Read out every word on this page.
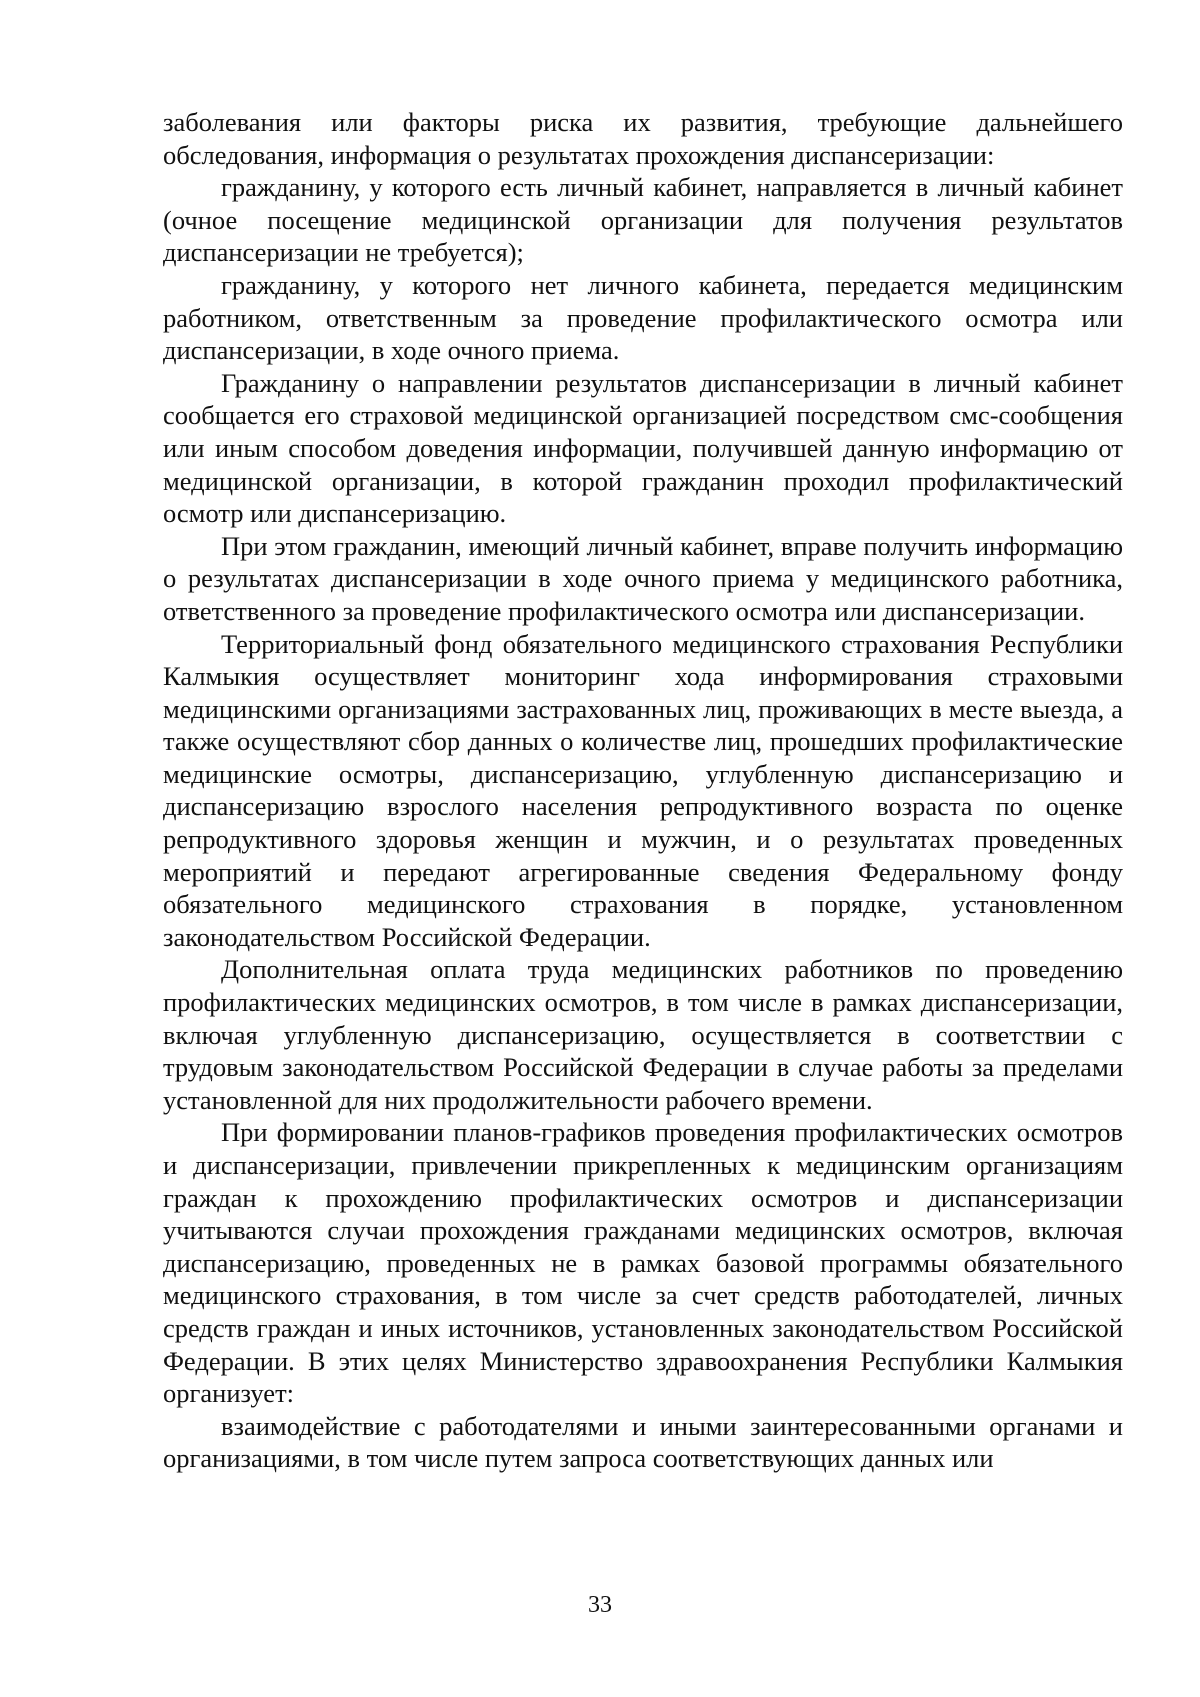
заболевания или факторы риска их развития, требующие дальнейшего обследования, информация о результатах прохождения диспансеризации:

гражданину, у которого есть личный кабинет, направляется в личный кабинет (очное посещение медицинской организации для получения результатов диспансеризации не требуется);

гражданину, у которого нет личного кабинета, передается медицинским работником, ответственным за проведение профилактического осмотра или диспансеризации, в ходе очного приема.

Гражданину о направлении результатов диспансеризации в личный кабинет сообщается его страховой медицинской организацией посредством смс-сообщения или иным способом доведения информации, получившей данную информацию от медицинской организации, в которой гражданин проходил профилактический осмотр или диспансеризацию.

При этом гражданин, имеющий личный кабинет, вправе получить информацию о результатах диспансеризации в ходе очного приема у медицинского работника, ответственного за проведение профилактического осмотра или диспансеризации.

Территориальный фонд обязательного медицинского страхования Республики Калмыкия осуществляет мониторинг хода информирования страховыми медицинскими организациями застрахованных лиц, проживающих в месте выезда, а также осуществляют сбор данных о количестве лиц, прошедших профилактические медицинские осмотры, диспансеризацию, углубленную диспансеризацию и диспансеризацию взрослого населения репродуктивного возраста по оценке репродуктивного здоровья женщин и мужчин, и о результатах проведенных мероприятий и передают агрегированные сведения Федеральному фонду обязательного медицинского страхования в порядке, установленном законодательством Российской Федерации.

Дополнительная оплата труда медицинских работников по проведению профилактических медицинских осмотров, в том числе в рамках диспансеризации, включая углубленную диспансеризацию, осуществляется в соответствии с трудовым законодательством Российской Федерации в случае работы за пределами установленной для них продолжительности рабочего времени.

При формировании планов-графиков проведения профилактических осмотров и диспансеризации, привлечении прикрепленных к медицинским организациям граждан к прохождению профилактических осмотров и диспансеризации учитываются случаи прохождения гражданами медицинских осмотров, включая диспансеризацию, проведенных не в рамках базовой программы обязательного медицинского страхования, в том числе за счет средств работодателей, личных средств граждан и иных источников, установленных законодательством Российской Федерации. В этих целях Министерство здравоохранения Республики Калмыкия организует:

взаимодействие с работодателями и иными заинтересованными органами и организациями, в том числе путем запроса соответствующих данных или

33
